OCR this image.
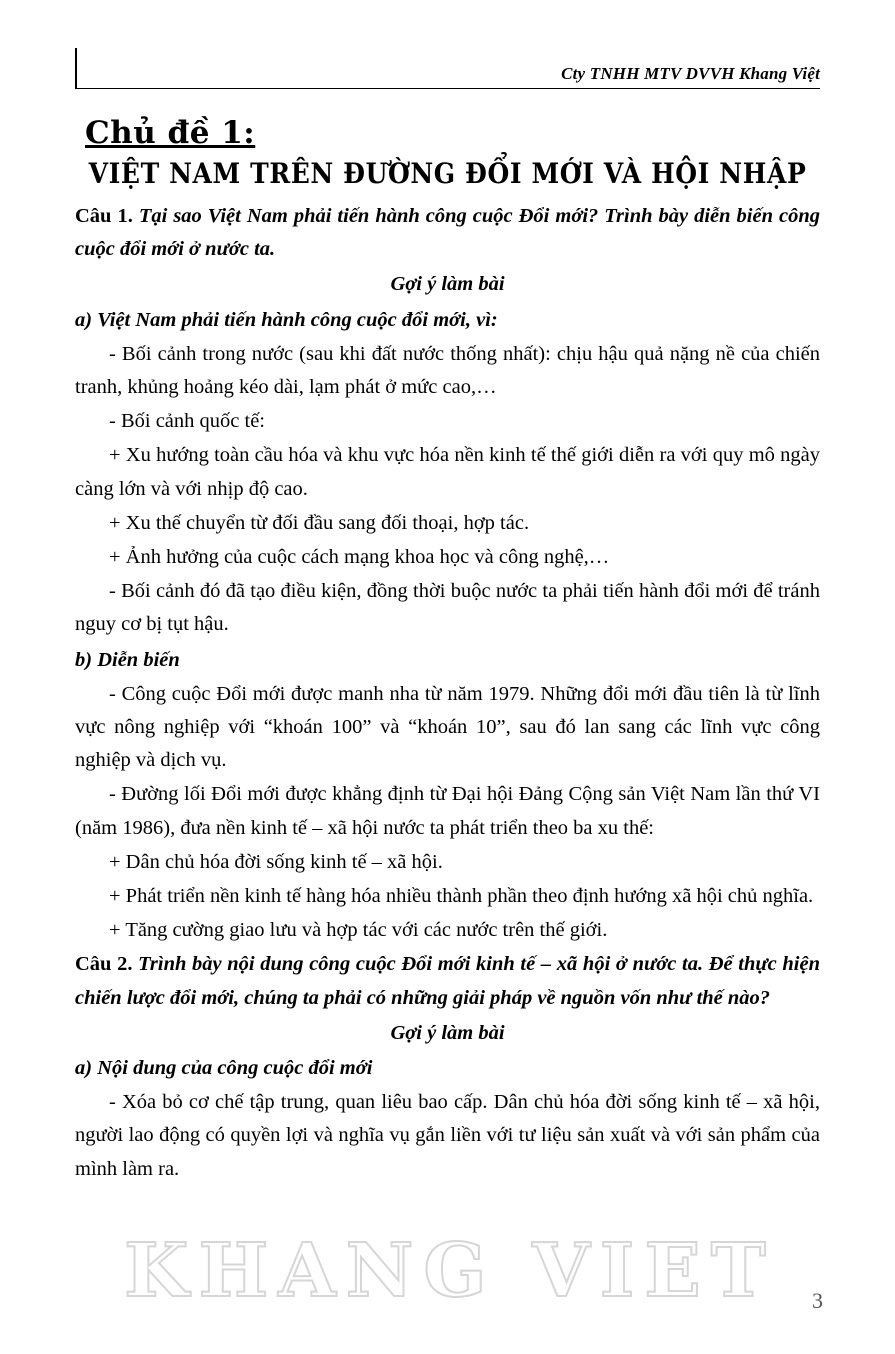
Cty TNHH MTV DVVH Khang Việt
Chủ đề 1:
VIỆT NAM TRÊN ĐƯỜNG ĐỔI MỚI VÀ HỘI NHẬP

Câu 1. Tại sao Việt Nam phải tiến hành công cuộc Đổi mới? Trình bày diễn biến công cuộc đổi mới ở nước ta.

Gợi ý làm bài

a) Việt Nam phải tiến hành công cuộc đổi mới, vì:

- Bối cảnh trong nước (sau khi đất nước thống nhất): chịu hậu quả nặng nề của chiến tranh, khủng hoảng kéo dài, lạm phát ở mức cao,…

- Bối cảnh quốc tế:

+ Xu hướng toàn cầu hóa và khu vực hóa nền kinh tế thế giới diễn ra với quy mô ngày càng lớn và với nhịp độ cao.

+ Xu thế chuyển từ đối đầu sang đối thoại, hợp tác.

+ Ảnh hưởng của cuộc cách mạng khoa học và công nghệ,…

- Bối cảnh đó đã tạo điều kiện, đồng thời buộc nước ta phải tiến hành đổi mới để tránh nguy cơ bị tụt hậu.

b) Diễn biến

- Công cuộc Đổi mới được manh nha từ năm 1979. Những đổi mới đầu tiên là từ lĩnh vực nông nghiệp với “khoán 100” và “khoán 10”, sau đó lan sang các lĩnh vực công nghiệp và dịch vụ.

- Đường lối Đổi mới được khẳng định từ Đại hội Đảng Cộng sản Việt Nam lần thứ VI (năm 1986), đưa nền kinh tế – xã hội nước ta phát triển theo ba xu thế:

+ Dân chủ hóa đời sống kinh tế – xã hội.

+ Phát triển nền kinh tế hàng hóa nhiều thành phần theo định hướng xã hội chủ nghĩa.

+ Tăng cường giao lưu và hợp tác với các nước trên thế giới.

Câu 2. Trình bày nội dung công cuộc Đổi mới kinh tế – xã hội ở nước ta. Để thực hiện chiến lược đổi mới, chúng ta phải có những giải pháp về nguồn vốn như thế nào?

Gợi ý làm bài

a) Nội dung của công cuộc đổi mới

- Xóa bỏ cơ chế tập trung, quan liêu bao cấp. Dân chủ hóa đời sống kinh tế – xã hội, người lao động có quyền lợi và nghĩa vụ gắn liền với tư liệu sản xuất và với sản phẩm của mình làm ra.

KHANG VIET	3
